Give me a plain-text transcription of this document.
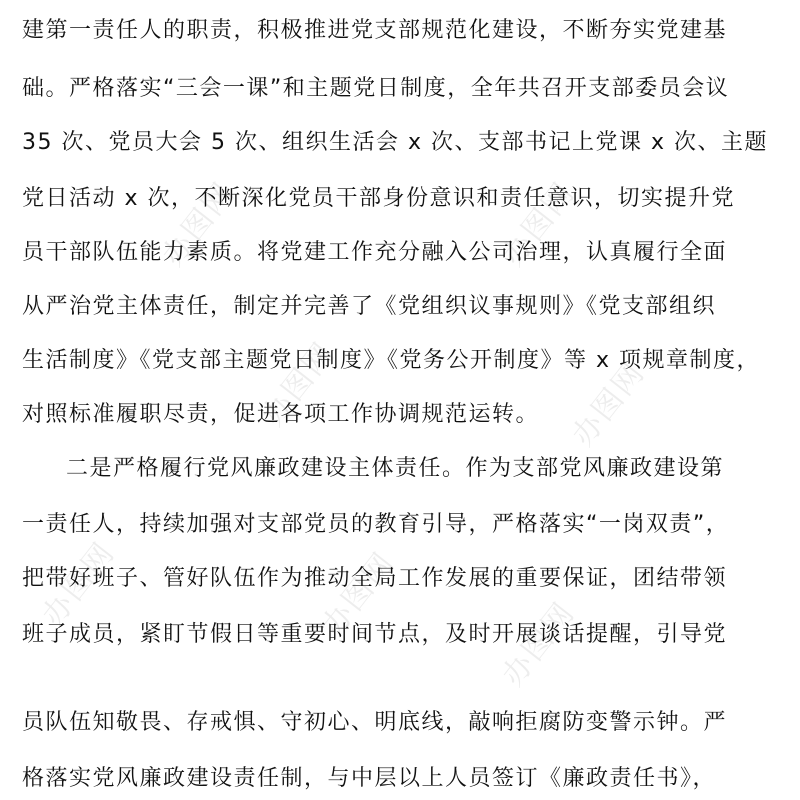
办图网	办图网
办图网	办图网
办图网	办图网
办图网
建第一责任人的职责，积极推进党支部规范化建设，不断夯实党建基
础。严格落实“三会一课”和主题党日制度，全年共召开支部委员会议
35 次、党员大会 5 次、组织生活会 x 次、支部书记上党课 x 次、主题
党日活动 x 次，不断深化党员干部身份意识和责任意识，切实提升党
员干部队伍能力素质。将党建工作充分融入公司治理，认真履行全面
从严治党主体责任，制定并完善了《党组织议事规则》《党支部组织
生活制度》《党支部主题党日制度》《党务公开制度》等 x 项规章制度，
对照标准履职尽责，促进各项工作协调规范运转。
二是严格履行党风廉政建设主体责任。作为支部党风廉政建设第
一责任人，持续加强对支部党员的教育引导，严格落实“一岗双责”，
把带好班子、管好队伍作为推动全局工作发展的重要保证，团结带领
班子成员，紧盯节假日等重要时间节点，及时开展谈话提醒，引导党
员队伍知敬畏、存戒惧、守初心、明底线，敲响拒腐防变警示钟。严
格落实党风廉政建设责任制，与中层以上人员签订《廉政责任书》，
